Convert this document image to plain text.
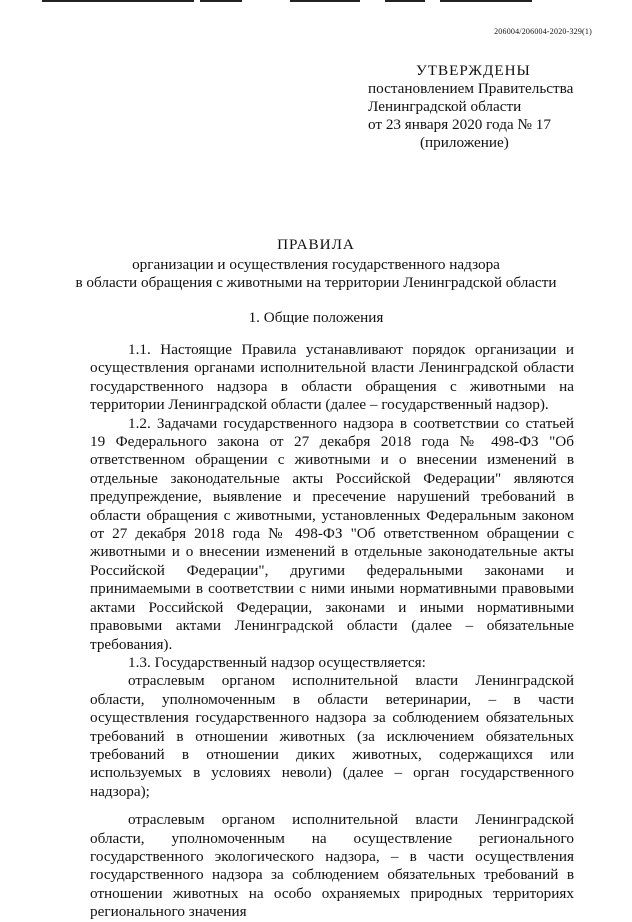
206004/206004-2020-329(1)
УТВЕРЖДЕНЫ
постановлением Правительства
Ленинградской области
от 23 января 2020 года № 17
(приложение)
ПРАВИЛА
организации и осуществления государственного надзора
в области обращения с животными на территории Ленинградской области
1. Общие положения

1.1. Настоящие Правила устанавливают порядок организации и осуществления органами исполнительной власти Ленинградской области государственного надзора в области обращения с животными на территории Ленинградской области (далее – государственный надзор).

1.2. Задачами государственного надзора в соответствии со статьей 19 Федерального закона от 27 декабря 2018 года № 498-ФЗ "Об ответственном обращении с животными и о внесении изменений в отдельные законодательные акты Российской Федерации" являются предупреждение, выявление и пресечение нарушений требований в области обращения с животными, установленных Федеральным законом от 27 декабря 2018 года № 498-ФЗ "Об ответственном обращении с животными и о внесении изменений в отдельные законодательные акты Российской Федерации", другими федеральными законами и принимаемыми в соответствии с ними иными нормативными правовыми актами Российской Федерации, законами и иными нормативными правовыми актами Ленинградской области (далее – обязательные требования).

1.3. Государственный надзор осуществляется:

отраслевым органом исполнительной власти Ленинградской области, уполномоченным в области ветеринарии, – в части осуществления государственного надзора за соблюдением обязательных требований в отношении животных (за исключением обязательных требований в отношении диких животных, содержащихся или используемых в условиях неволи) (далее – орган государственного надзора);

отраслевым органом исполнительной власти Ленинградской области, уполномоченным на осуществление регионального государственного экологического надзора, – в части осуществления государственного надзора за соблюдением обязательных требований в отношении животных на особо охраняемых природных территориях регионального значения
